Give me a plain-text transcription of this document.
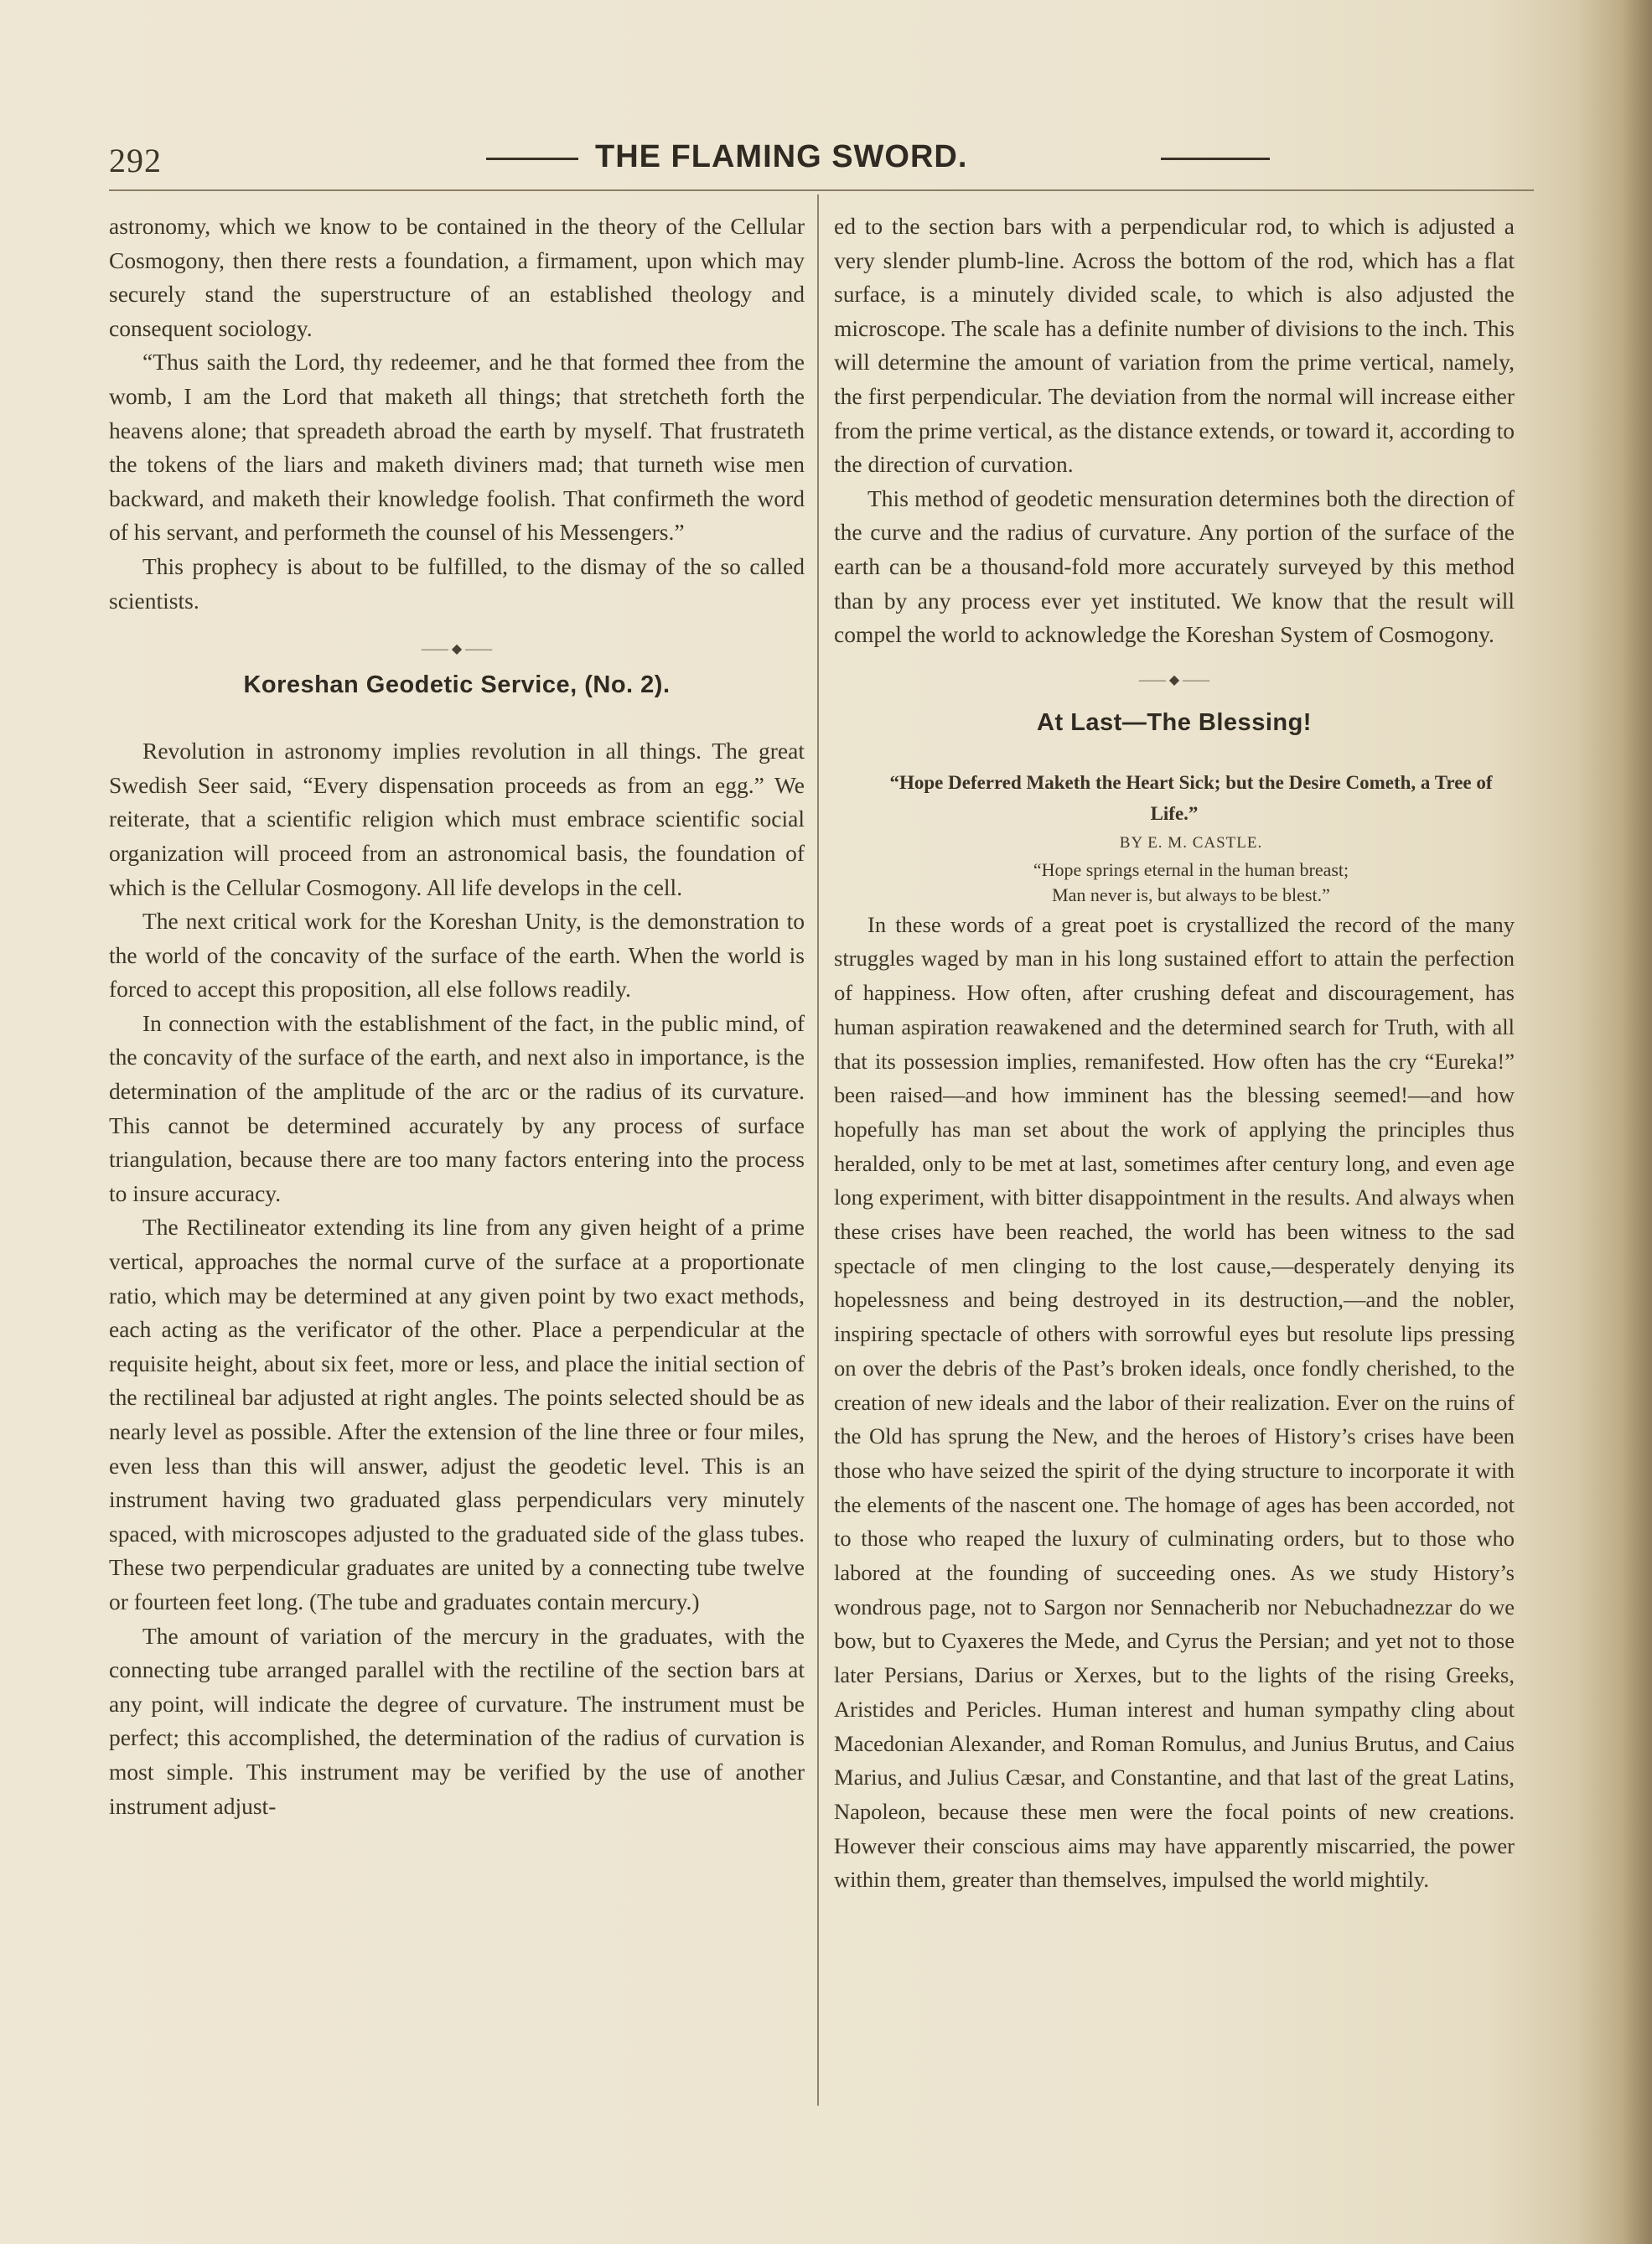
292	THE FLAMING SWORD.

astronomy, which we know to be contained in the theory of the Cellular Cosmogony, then there rests a foundation, a firmament, upon which may securely stand the superstructure of an established theology and consequent sociology.

“Thus saith the Lord, thy redeemer, and he that formed thee from the womb, I am the Lord that maketh all things; that stretcheth forth the heavens alone; that spreadeth abroad the earth by myself. That frustrateth the tokens of the liars and maketh diviners mad; that turneth wise men backward, and maketh their knowledge foolish. That confirmeth the word of his servant, and performeth the counsel of his Messengers.”

This prophecy is about to be fulfilled, to the dismay of the so called scientists.

—— ◆ ——
Koreshan Geodetic Service, (No. 2).

Revolution in astronomy implies revolution in all things. The great Swedish Seer said, “Every dispensation proceeds as from an egg.” We reiterate, that a scientific religion which must embrace scientific social organization will proceed from an astronomical basis, the foundation of which is the Cellular Cosmogony. All life develops in the cell.

The next critical work for the Koreshan Unity, is the demonstration to the world of the concavity of the surface of the earth. When the world is forced to accept this proposition, all else follows readily.

In connection with the establishment of the fact, in the public mind, of the concavity of the surface of the earth, and next also in importance, is the determination of the amplitude of the arc or the radius of its curvature. This cannot be determined accurately by any process of surface triangulation, because there are too many factors entering into the process to insure accuracy.

The Rectilineator extending its line from any given height of a prime vertical, approaches the normal curve of the surface at a proportionate ratio, which may be determined at any given point by two exact methods, each acting as the verificator of the other. Place a perpendicular at the requisite height, about six feet, more or less, and place the initial section of the rectilineal bar adjusted at right angles. The points selected should be as nearly level as possible. After the extension of the line three or four miles, even less than this will answer, adjust the geodetic level. This is an instrument having two graduated glass perpendiculars very minutely spaced, with microscopes adjusted to the graduated side of the glass tubes. These two perpendicular graduates are united by a connecting tube twelve or fourteen feet long. (The tube and graduates contain mercury.)

The amount of variation of the mercury in the graduates, with the connecting tube arranged parallel with the rectiline of the section bars at any point, will indicate the degree of curvature. The instrument must be perfect; this accomplished, the determination of the radius of curvation is most simple. This instrument may be verified by the use of another instrument adjust-

ed to the section bars with a perpendicular rod, to which is adjusted a very slender plumb-line. Across the bottom of the rod, which has a flat surface, is a minutely divided scale, to which is also adjusted the microscope. The scale has a definite number of divisions to the inch. This will determine the amount of variation from the prime vertical, namely, the first perpendicular. The deviation from the normal will increase either from the prime vertical, as the distance extends, or toward it, according to the direction of curvation.

This method of geodetic mensuration determines both the direction of the curve and the radius of curvature. Any portion of the surface of the earth can be a thousand-fold more accurately surveyed by this method than by any process ever yet instituted. We know that the result will compel the world to acknowledge the Koreshan System of Cosmogony.

—— ◆ ——
At Last—The Blessing!

“Hope Deferred Maketh the Heart Sick; but the Desire Cometh, a Tree of Life.”

BY E. M. CASTLE.

“Hope springs eternal in the human breast;

Man never is, but always to be blest.”

In these words of a great poet is crystallized the record of the many struggles waged by man in his long sustained effort to attain the perfection of happiness. How often, after crushing defeat and discouragement, has human aspiration reawakened and the determined search for Truth, with all that its possession implies, remanifested. How often has the cry “Eureka!” been raised—and how imminent has the blessing seemed!—and how hopefully has man set about the work of applying the principles thus heralded, only to be met at last, sometimes after century long, and even age long experiment, with bitter disappointment in the results. And always when these crises have been reached, the world has been witness to the sad spectacle of men clinging to the lost cause,—desperately denying its hopelessness and being destroyed in its destruction,—and the nobler, inspiring spectacle of others with sorrowful eyes but resolute lips pressing on over the debris of the Past’s broken ideals, once fondly cherished, to the creation of new ideals and the labor of their realization. Ever on the ruins of the Old has sprung the New, and the heroes of History’s crises have been those who have seized the spirit of the dying structure to incorporate it with the elements of the nascent one. The homage of ages has been accorded, not to those who reaped the luxury of culminating orders, but to those who labored at the founding of succeeding ones. As we study History’s wondrous page, not to Sargon nor Sennacherib nor Nebuchadnezzar do we bow, but to Cyaxeres the Mede, and Cyrus the Persian; and yet not to those later Persians, Darius or Xerxes, but to the lights of the rising Greeks, Aristides and Pericles. Human interest and human sympathy cling about Macedonian Alexander, and Roman Romulus, and Junius Brutus, and Caius Marius, and Julius Cæsar, and Constantine, and that last of the great Latins, Napoleon, because these men were the focal points of new creations. However their conscious aims may have apparently miscarried, the power within them, greater than themselves, impulsed the world mightily.
